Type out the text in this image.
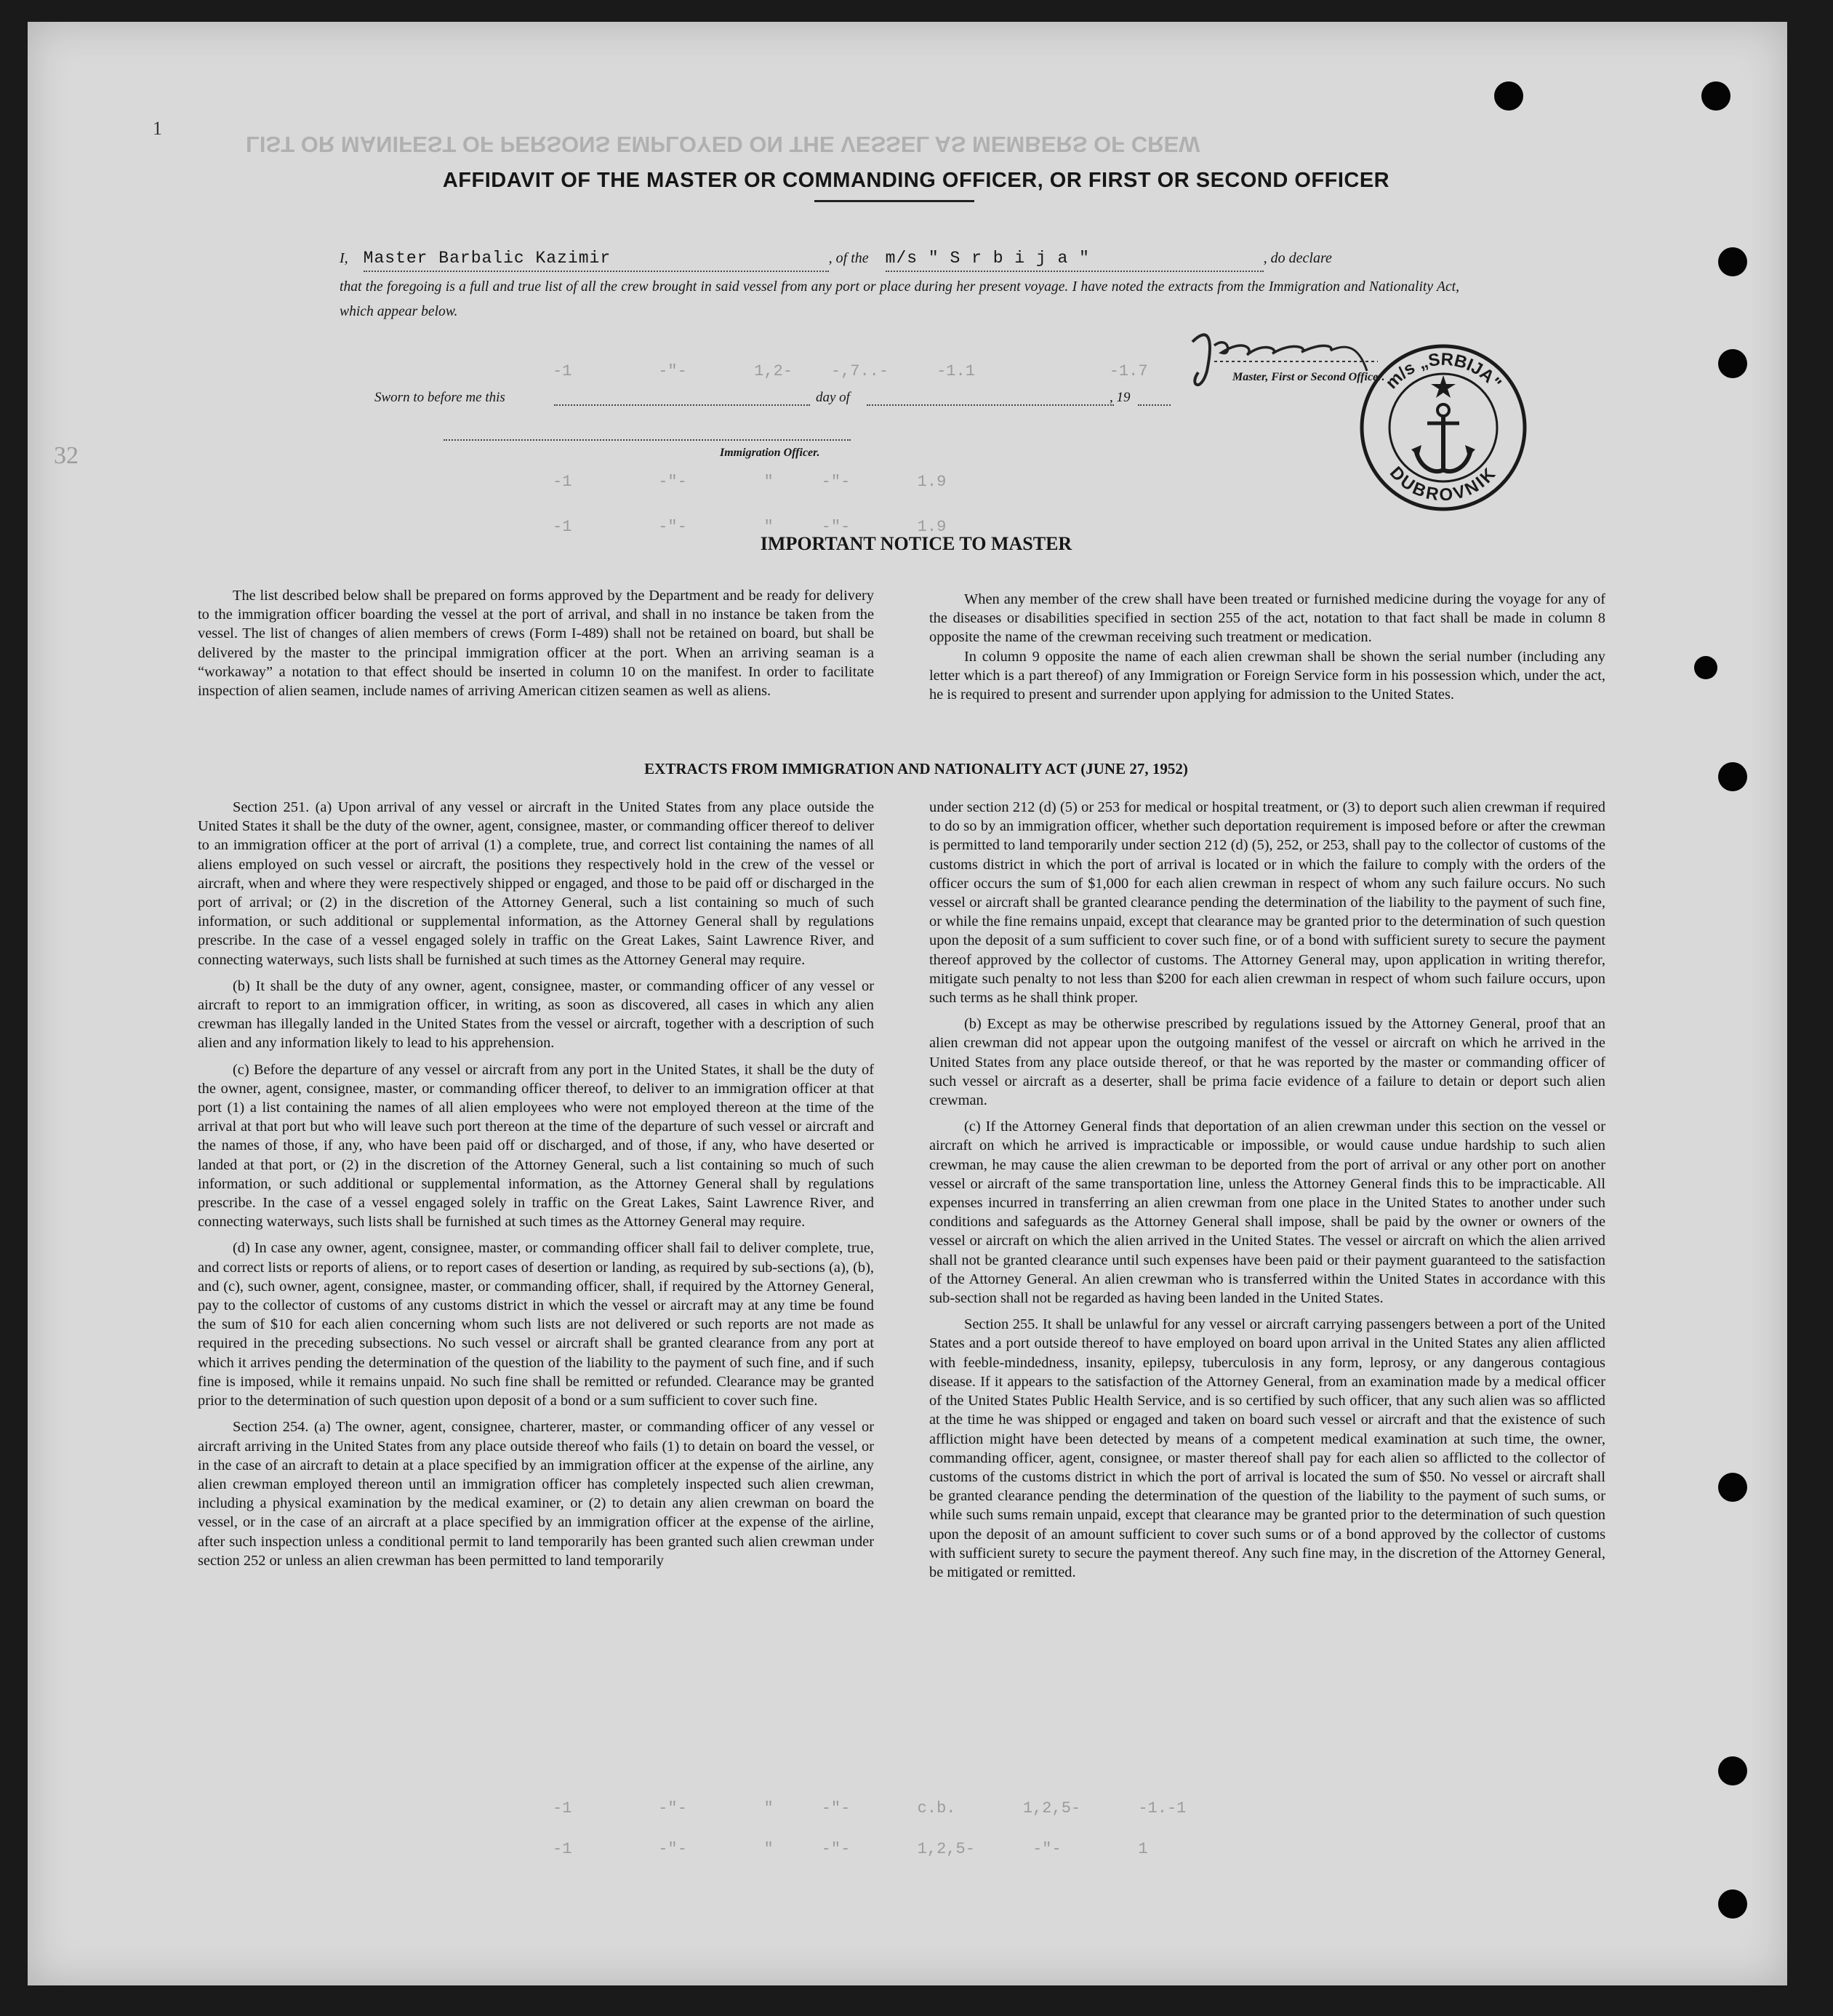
LIST OR MANIFEST OF PERSONS EMPLOYED ON THE VESSEL AS MEMBERS OF CREW
1
32
AFFIDAVIT OF THE MASTER OR COMMANDING OFFICER, OR FIRST OR SECOND OFFICER
I, Master Barbalic Kazimir	, of the m/s " S r b i j a "	, do declare
that the foregoing is a full and true list of all the crew brought in said vessel from any port or place during her present voyage. I have noted the extracts from the Immigration and Nationality Act, which appear below.
Master, First or Second Officer.
m/s „SRBIJA"
DUBROVNIK
Sworn to before me this	day of	, 19
Immigration Officer.
-1         -"-       1,2-    -,7..-     -1.1              -1.7
-1         -"-        "     -"-       1.9
-1         -"-        "     -"-       1.9
-1         -"-        "     -"-       c.b.       1,2,5-      -1.-1
-1         -"-        "     -"-       1,2,5-      -"-        1
IMPORTANT NOTICE TO MASTER

The list described below shall be prepared on forms approved by the Department and be ready for delivery to the immigration officer boarding the vessel at the port of arrival, and shall in no instance be taken from the vessel. The list of changes of alien members of crews (Form I-489) shall not be retained on board, but shall be delivered by the master to the principal immigration officer at the port. When an arriving seaman is a “workaway” a notation to that effect should be inserted in column 10 on the manifest. In order to facilitate inspection of alien seamen, include names of arriving American citizen seamen as well as aliens.

When any member of the crew shall have been treated or furnished medicine during the voyage for any of the diseases or disabilities specified in section 255 of the act, notation to that fact shall be made in column 8 opposite the name of the crewman receiving such treatment or medication.

In column 9 opposite the name of each alien crewman shall be shown the serial number (including any letter which is a part thereof) of any Immigration or Foreign Service form in his possession which, under the act, he is required to present and surrender upon applying for admission to the United States.

EXTRACTS FROM IMMIGRATION AND NATIONALITY ACT (JUNE 27, 1952)

Section 251. (a) Upon arrival of any vessel or aircraft in the United States from any place outside the United States it shall be the duty of the owner, agent, consignee, master, or commanding officer thereof to deliver to an immigration officer at the port of arrival (1) a complete, true, and correct list containing the names of all aliens employed on such vessel or aircraft, the positions they respectively hold in the crew of the vessel or aircraft, when and where they were respectively shipped or engaged, and those to be paid off or discharged in the port of arrival; or (2) in the discretion of the Attorney General, such a list containing so much of such information, or such additional or supplemental information, as the Attorney General shall by regulations prescribe. In the case of a vessel engaged solely in traffic on the Great Lakes, Saint Lawrence River, and connecting waterways, such lists shall be furnished at such times as the Attorney General may require.

(b) It shall be the duty of any owner, agent, consignee, master, or commanding officer of any vessel or aircraft to report to an immigration officer, in writing, as soon as discovered, all cases in which any alien crewman has illegally landed in the United States from the vessel or aircraft, together with a description of such alien and any information likely to lead to his apprehension.

(c) Before the departure of any vessel or aircraft from any port in the United States, it shall be the duty of the owner, agent, consignee, master, or commanding officer thereof, to deliver to an immigration officer at that port (1) a list containing the names of all alien employees who were not employed thereon at the time of the arrival at that port but who will leave such port thereon at the time of the departure of such vessel or aircraft and the names of those, if any, who have been paid off or discharged, and of those, if any, who have deserted or landed at that port, or (2) in the discretion of the Attorney General, such a list containing so much of such information, or such additional or supplemental information, as the Attorney General shall by regulations prescribe. In the case of a vessel engaged solely in traffic on the Great Lakes, Saint Lawrence River, and connecting waterways, such lists shall be furnished at such times as the Attorney General may require.

(d) In case any owner, agent, consignee, master, or commanding officer shall fail to deliver complete, true, and correct lists or reports of aliens, or to report cases of desertion or landing, as required by sub-sections (a), (b), and (c), such owner, agent, consignee, master, or commanding officer, shall, if required by the Attorney General, pay to the collector of customs of any customs district in which the vessel or aircraft may at any time be found the sum of $10 for each alien concerning whom such lists are not delivered or such reports are not made as required in the preceding subsections. No such vessel or aircraft shall be granted clearance from any port at which it arrives pending the determination of the question of the liability to the payment of such fine, and if such fine is imposed, while it remains unpaid. No such fine shall be remitted or refunded. Clearance may be granted prior to the determination of such question upon deposit of a bond or a sum sufficient to cover such fine.

Section 254. (a) The owner, agent, consignee, charterer, master, or commanding officer of any vessel or aircraft arriving in the United States from any place outside thereof who fails (1) to detain on board the vessel, or in the case of an aircraft to detain at a place specified by an immigration officer at the expense of the airline, any alien crewman employed thereon until an immigration officer has completely inspected such alien crewman, including a physical examination by the medical examiner, or (2) to detain any alien crewman on board the vessel, or in the case of an aircraft at a place specified by an immigration officer at the expense of the airline, after such inspection unless a conditional permit to land temporarily has been granted such alien crewman under section 252 or unless an alien crewman has been permitted to land temporarily

under section 212 (d) (5) or 253 for medical or hospital treatment, or (3) to deport such alien crewman if required to do so by an immigration officer, whether such deportation requirement is imposed before or after the crewman is permitted to land temporarily under section 212 (d) (5), 252, or 253, shall pay to the collector of customs of the customs district in which the port of arrival is located or in which the failure to comply with the orders of the officer occurs the sum of $1,000 for each alien crewman in respect of whom any such failure occurs. No such vessel or aircraft shall be granted clearance pending the determination of the liability to the payment of such fine, or while the fine remains unpaid, except that clearance may be granted prior to the determination of such question upon the deposit of a sum sufficient to cover such fine, or of a bond with sufficient surety to secure the payment thereof approved by the collector of customs. The Attorney General may, upon application in writing therefor, mitigate such penalty to not less than $200 for each alien crewman in respect of whom such failure occurs, upon such terms as he shall think proper.

(b) Except as may be otherwise prescribed by regulations issued by the Attorney General, proof that an alien crewman did not appear upon the outgoing manifest of the vessel or aircraft on which he arrived in the United States from any place outside thereof, or that he was reported by the master or commanding officer of such vessel or aircraft as a deserter, shall be prima facie evidence of a failure to detain or deport such alien crewman.

(c) If the Attorney General finds that deportation of an alien crewman under this section on the vessel or aircraft on which he arrived is impracticable or impossible, or would cause undue hardship to such alien crewman, he may cause the alien crewman to be deported from the port of arrival or any other port on another vessel or aircraft of the same transportation line, unless the Attorney General finds this to be impracticable. All expenses incurred in transferring an alien crewman from one place in the United States to another under such conditions and safeguards as the Attorney General shall impose, shall be paid by the owner or owners of the vessel or aircraft on which the alien arrived in the United States. The vessel or aircraft on which the alien arrived shall not be granted clearance until such expenses have been paid or their payment guaranteed to the satisfaction of the Attorney General. An alien crewman who is transferred within the United States in accordance with this sub-section shall not be regarded as having been landed in the United States.

Section 255. It shall be unlawful for any vessel or aircraft carrying passengers between a port of the United States and a port outside thereof to have employed on board upon arrival in the United States any alien afflicted with feeble-mindedness, insanity, epilepsy, tuberculosis in any form, leprosy, or any dangerous contagious disease. If it appears to the satisfaction of the Attorney General, from an examination made by a medical officer of the United States Public Health Service, and is so certified by such officer, that any such alien was so afflicted at the time he was shipped or engaged and taken on board such vessel or aircraft and that the existence of such affliction might have been detected by means of a competent medical examination at such time, the owner, commanding officer, agent, consignee, or master thereof shall pay for each alien so afflicted to the collector of customs of the customs district in which the port of arrival is located the sum of $50. No vessel or aircraft shall be granted clearance pending the determination of the question of the liability to the payment of such sums, or while such sums remain unpaid, except that clearance may be granted prior to the determination of such question upon the deposit of an amount sufficient to cover such sums or of a bond approved by the collector of customs with sufficient surety to secure the payment thereof. Any such fine may, in the discretion of the Attorney General, be mitigated or remitted.
